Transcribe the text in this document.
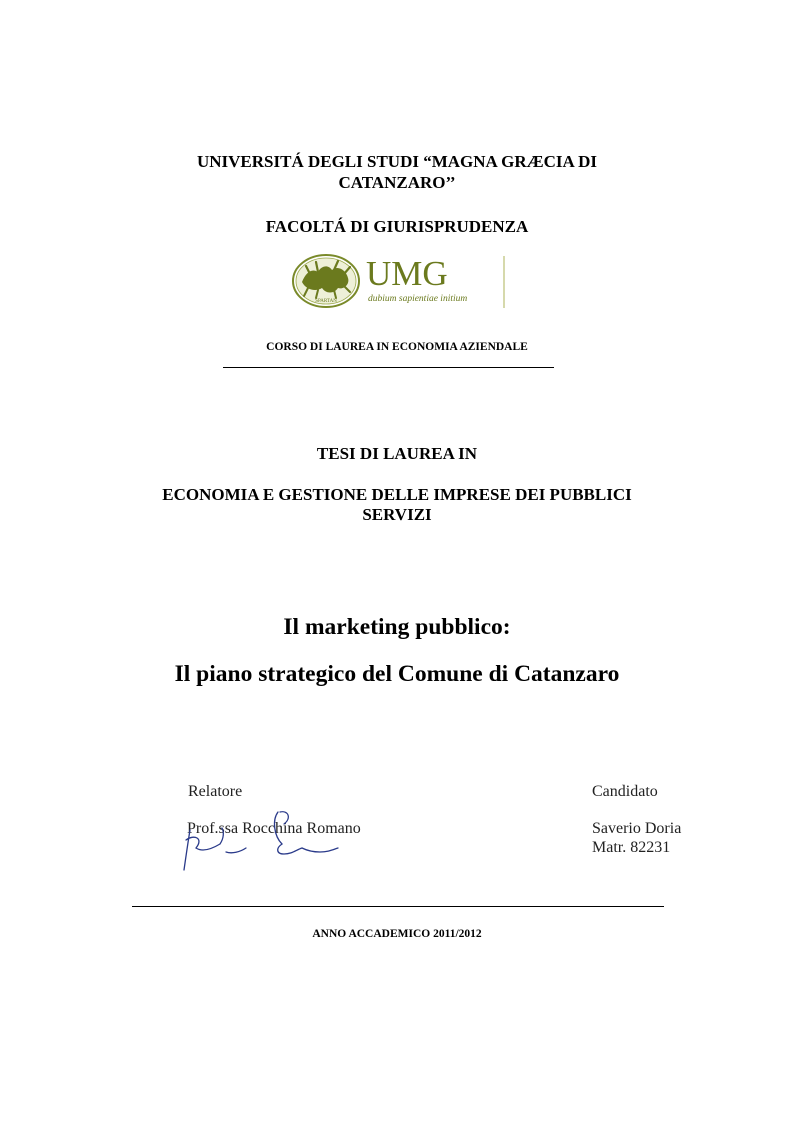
UNIVERSITÁ DEGLI STUDI “MAGNA GRÆCIA DI
CATANZARO’’
FACOLTÁ DI GIURISPRUDENZA
SPARTAN
UMG
dubium sapientiae initium
CORSO DI LAUREA IN ECONOMIA AZIENDALE
TESI DI LAUREA IN
ECONOMIA E GESTIONE DELLE IMPRESE DEI PUBBLICI
SERVIZI
Il marketing pubblico:
Il piano strategico del Comune di Catanzaro
Relatore
Prof.ssa Rocchina Romano
Candidato
Saverio Doria
Matr. 82231
ANNO ACCADEMICO 2011/2012
